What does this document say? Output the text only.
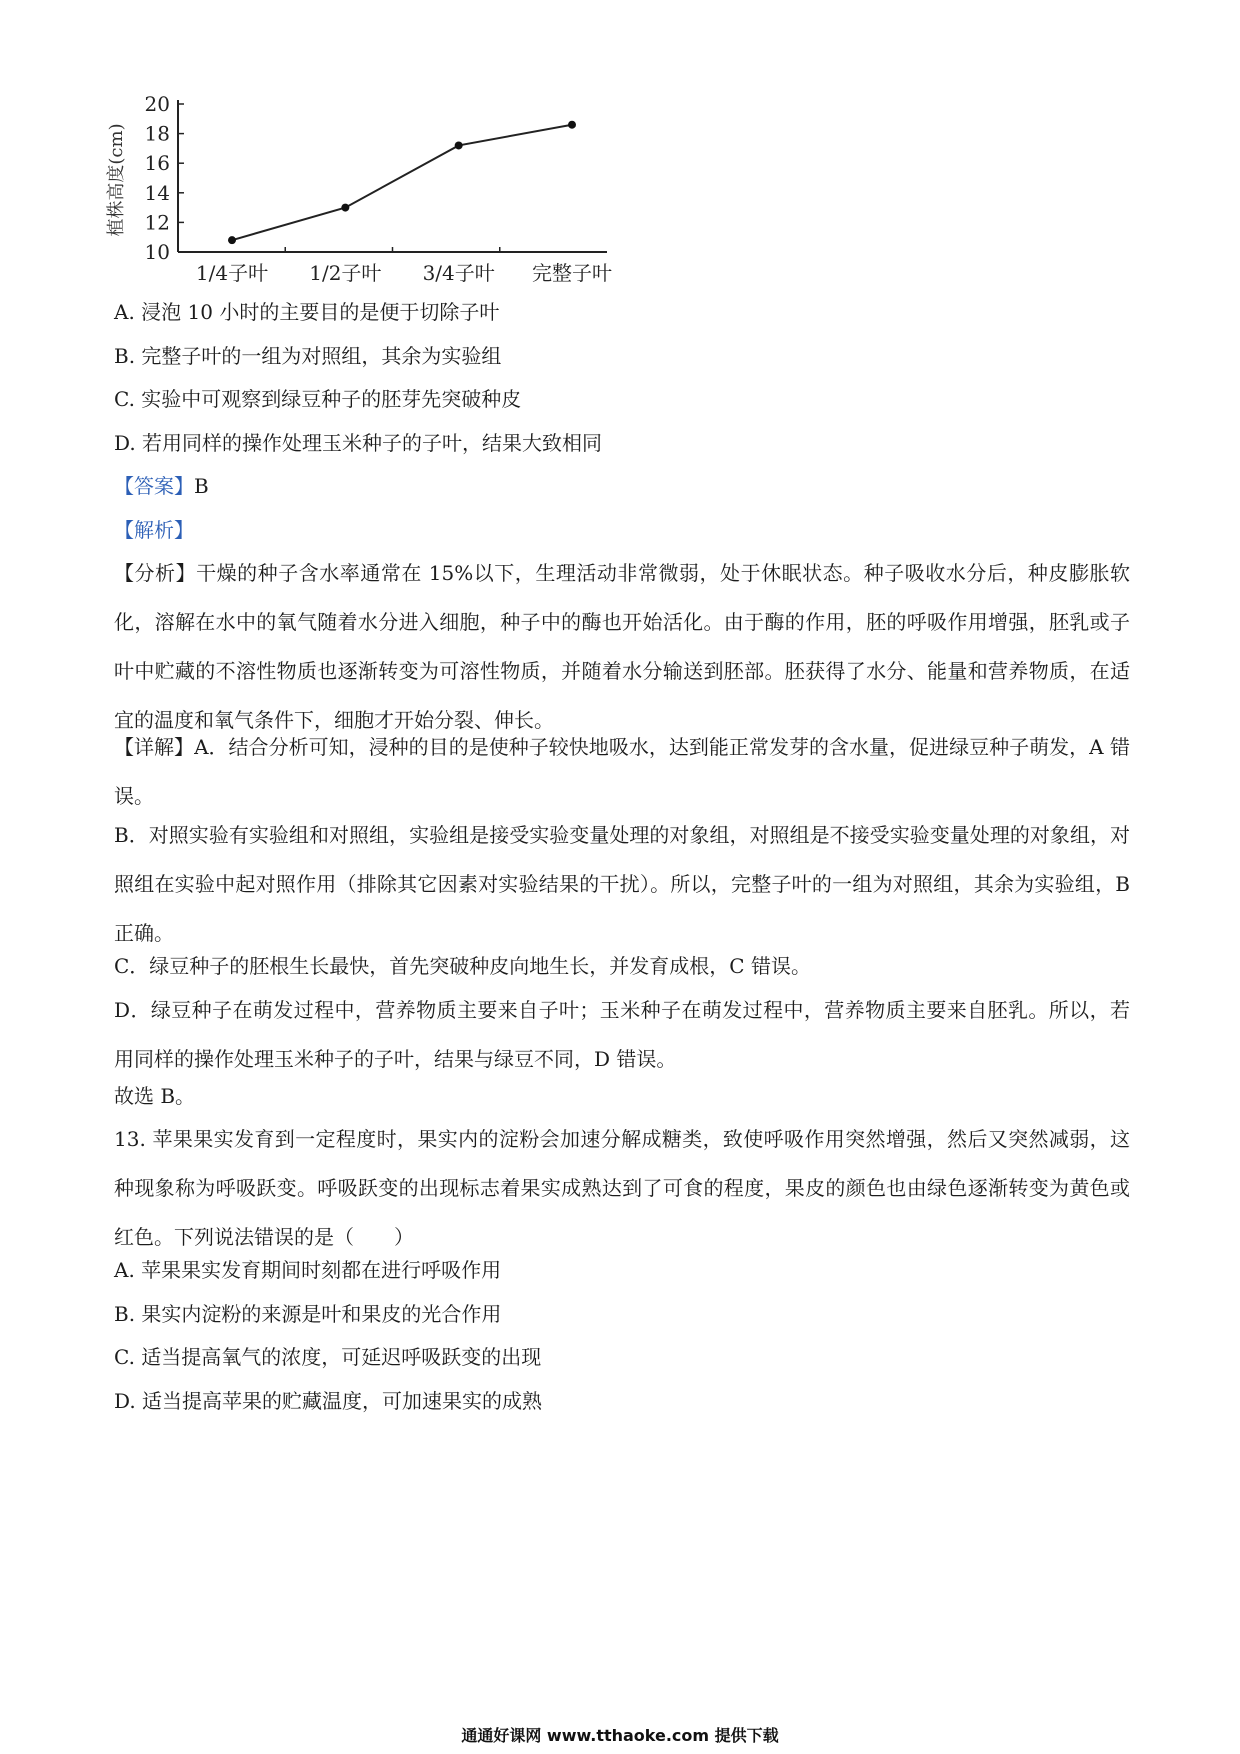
植株高度(cm)
10
12
14
16
18
20
1/4子叶 1/2子叶 3/4子叶 完整子叶
A. 浸泡 10 小时的主要目的是便于切除子叶
B. 完整子叶的一组为对照组，其余为实验组
C. 实验中可观察到绿豆种子的胚芽先突破种皮
D. 若用同样的操作处理玉米种子的子叶，结果大致相同
【答案】B
【解析】
【分析】干燥的种子含水率通常在 15%以下，生理活动非常微弱，处于休眠状态。种子吸收水分后，种皮膨胀软化，溶解在水中的氧气随着水分进入细胞，种子中的酶也开始活化。由于酶的作用，胚的呼吸作用增强，胚乳或子叶中贮藏的不溶性物质也逐渐转变为可溶性物质，并随着水分输送到胚部。胚获得了水分、能量和营养物质，在适宜的温度和氧气条件下，细胞才开始分裂、伸长。
【详解】A．结合分析可知，浸种的目的是使种子较快地吸水，达到能正常发芽的含水量，促进绿豆种子萌发，A 错误。
B．对照实验有实验组和对照组，实验组是接受实验变量处理的对象组，对照组是不接受实验变量处理的对象组，对照组在实验中起对照作用（排除其它因素对实验结果的干扰）。所以，完整子叶的一组为对照组，其余为实验组，B 正确。
C．绿豆种子的胚根生长最快，首先突破种皮向地生长，并发育成根，C 错误。
D．绿豆种子在萌发过程中，营养物质主要来自子叶；玉米种子在萌发过程中，营养物质主要来自胚乳。所以，若用同样的操作处理玉米种子的子叶，结果与绿豆不同，D 错误。
故选 B。
13. 苹果果实发育到一定程度时，果实内的淀粉会加速分解成糖类，致使呼吸作用突然增强，然后又突然减弱，这种现象称为呼吸跃变。呼吸跃变的出现标志着果实成熟达到了可食的程度，果皮的颜色也由绿色逐渐转变为黄色或红色。下列说法错误的是（　　）
A. 苹果果实发育期间时刻都在进行呼吸作用
B. 果实内淀粉的来源是叶和果皮的光合作用
C. 适当提高氧气的浓度，可延迟呼吸跃变的出现
D. 适当提高苹果的贮藏温度，可加速果实的成熟
通通好课网 www.tthaoke.com 提供下载
